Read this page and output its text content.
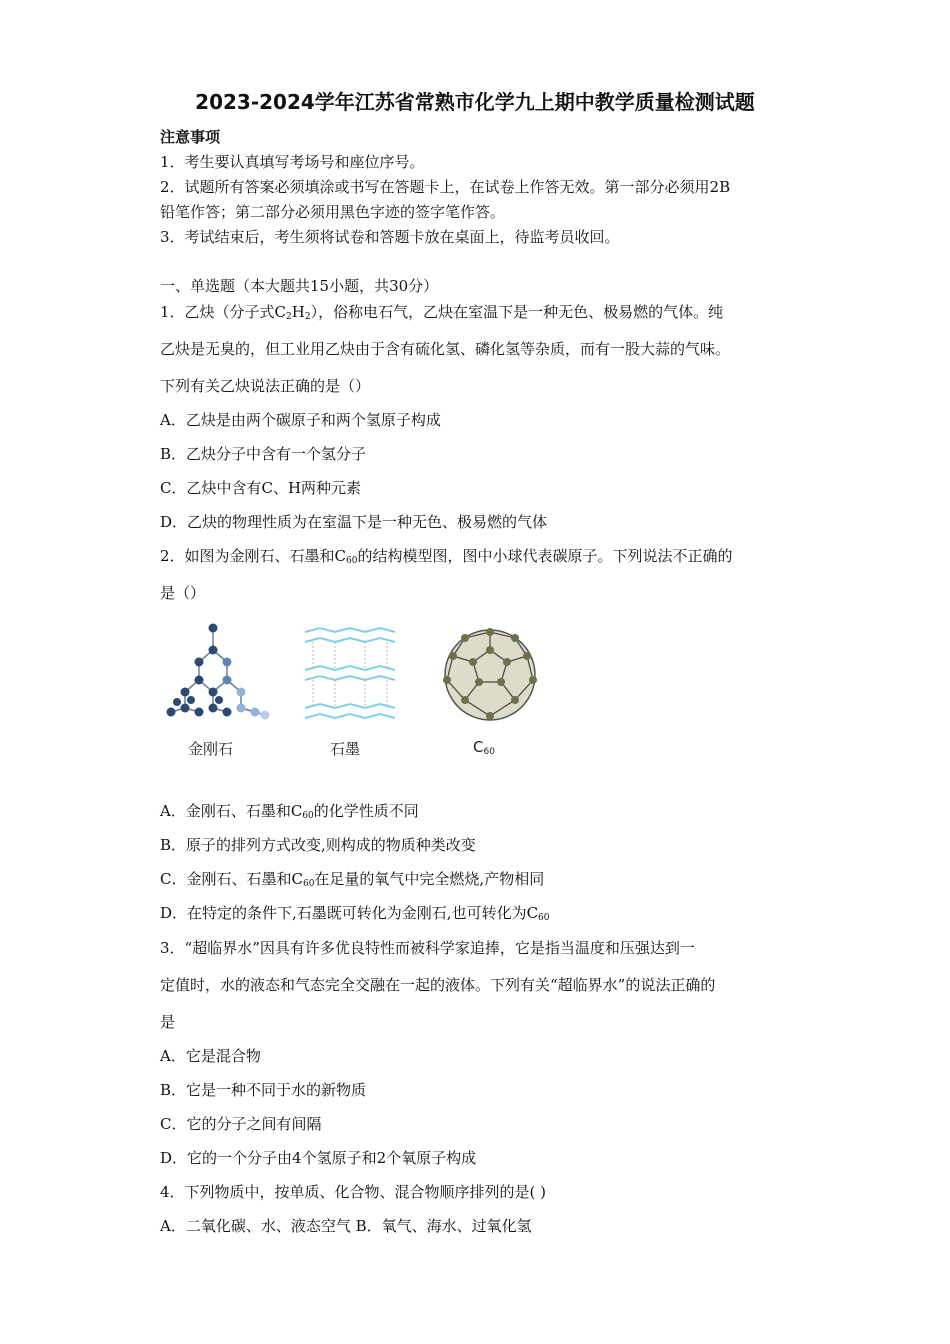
2023-2024学年江苏省常熟市化学九上期中教学质量检测试题
注意事项
1．考生要认真填写考场号和座位序号。
2．试题所有答案必须填涂或书写在答题卡上，在试卷上作答无效。第一部分必须用2B
铅笔作答；第二部分必须用黑色字迹的签字笔作答。
3．考试结束后，考生须将试卷和答题卡放在桌面上，待监考员收回。
一、单选题（本大题共15小题，共30分）
1．乙炔（分子式$C_2H_2$），俗称电石气，乙炔在室温下是一种无色、极易燃的气体。纯
乙炔是无臭的，但工业用乙炔由于含有硫化氢、磷化氢等杂质，而有一股大蒜的气味。
下列有关乙炔说法正确的是（）
A．乙炔是由两个碳原子和两个氢原子构成
B．乙炔分子中含有一个氢分子
C．乙炔中含有C、H两种元素
D．乙炔的物理性质为在室温下是一种无色、极易燃的气体
2．如图为金刚石、石墨和$C_{60}$的结构模型图，图中小球代表碳原子。下列说法不正确的
是（）
金刚石	石墨	$C_{60}$
A．金刚石、石墨和$C_{60}$的化学性质不同
B．原子的排列方式改变,则构成的物质种类改变
C．金刚石、石墨和$C_{60}$在足量的氧气中完全燃烧,产物相同
D．在特定的条件下,石墨既可转化为金刚石,也可转化为$C_{60}$
3．“超临界水”因具有许多优良特性而被科学家追捧，它是指当温度和压强达到一
定值时，水的液态和气态完全交融在一起的液体。下列有关“超临界水”的说法正确的
是
A．它是混合物
B．它是一种不同于水的新物质
C．它的分子之间有间隔
D．它的一个分子由4个氢原子和2个氧原子构成
4．下列物质中，按单质、化合物、混合物顺序排列的是( )
A．二氧化碳、水、液态空气 B．氧气、海水、过氧化氢
